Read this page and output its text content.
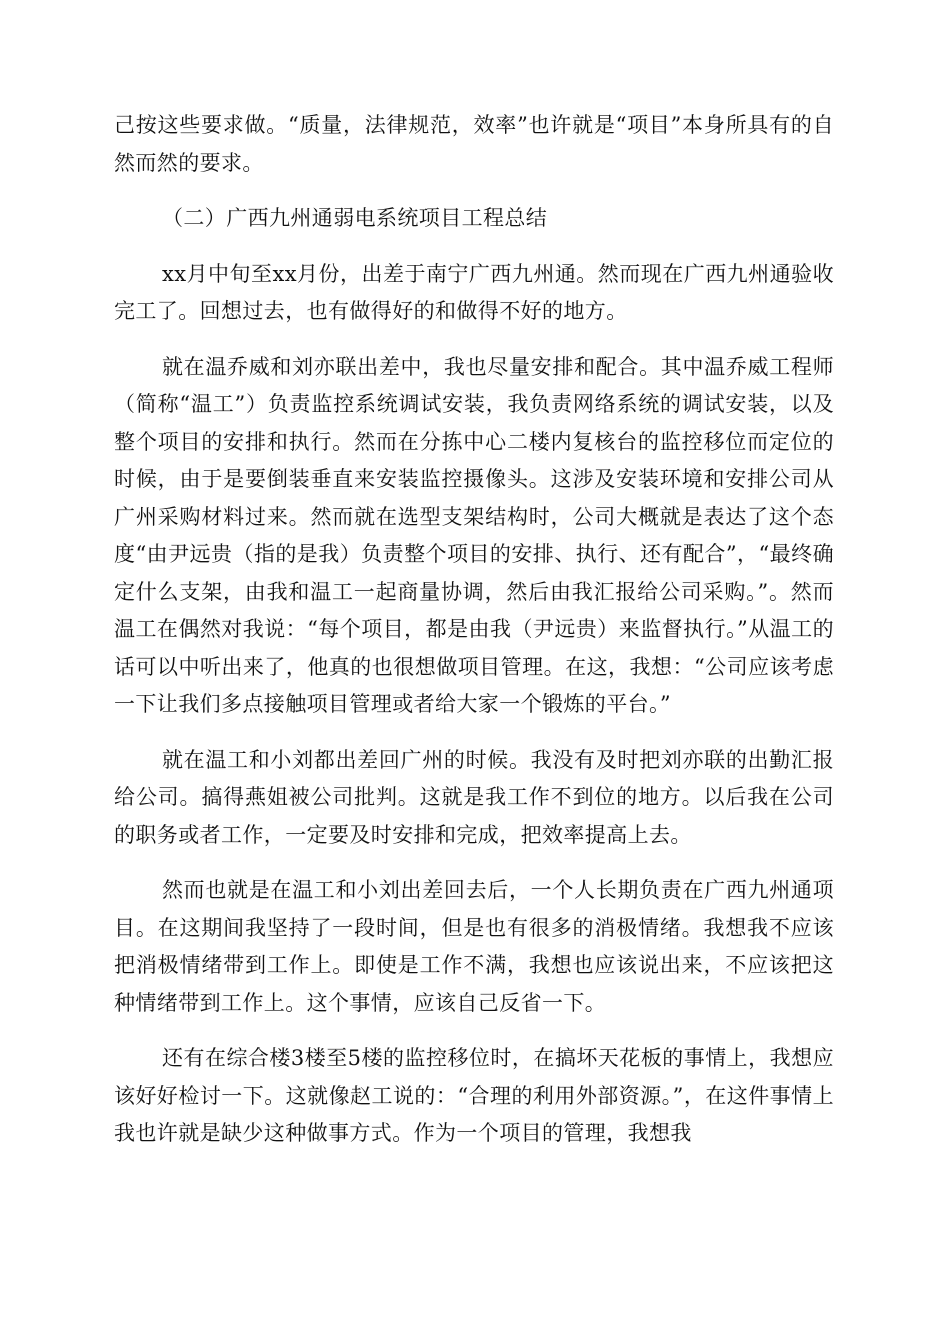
己按这些要求做。“质量，法律规范，效率”也许就是“项目”本身所具有的自然而然的要求。

（二）广西九州通弱电系统项目工程总结

xx月中旬至xx月份，出差于南宁广西九州通。然而现在广西九州通验收完工了。回想过去，也有做得好的和做得不好的地方。

就在温乔威和刘亦联出差中，我也尽量安排和配合。其中温乔威工程师（简称“温工”）负责监控系统调试安装，我负责网络系统的调试安装，以及整个项目的安排和执行。然而在分拣中心二楼内复核台的监控移位而定位的时候，由于是要倒装垂直来安装监控摄像头。这涉及安装环境和安排公司从广州采购材料过来。然而就在选型支架结构时，公司大概就是表达了这个态度“由尹远贵（指的是我）负责整个项目的安排、执行、还有配合”，“最终确定什么支架，由我和温工一起商量协调，然后由我汇报给公司采购。”。然而温工在偶然对我说：“每个项目，都是由我（尹远贵）来监督执行。”从温工的话可以中听出来了，他真的也很想做项目管理。在这，我想：“公司应该考虑一下让我们多点接触项目管理或者给大家一个锻炼的平台。”

就在温工和小刘都出差回广州的时候。我没有及时把刘亦联的出勤汇报给公司。搞得燕姐被公司批判。这就是我工作不到位的地方。以后我在公司的职务或者工作，一定要及时安排和完成，把效率提高上去。

然而也就是在温工和小刘出差回去后，一个人长期负责在广西九州通项目。在这期间我坚持了一段时间，但是也有很多的消极情绪。我想我不应该把消极情绪带到工作上。即使是工作不满，我想也应该说出来，不应该把这种情绪带到工作上。这个事情，应该自己反省一下。

还有在综合楼3楼至5楼的监控移位时，在搞坏天花板的事情上，我想应该好好检讨一下。这就像赵工说的：“合理的利用外部资源。”，在这件事情上我也许就是缺少这种做事方式。作为一个项目的管理，我想我
